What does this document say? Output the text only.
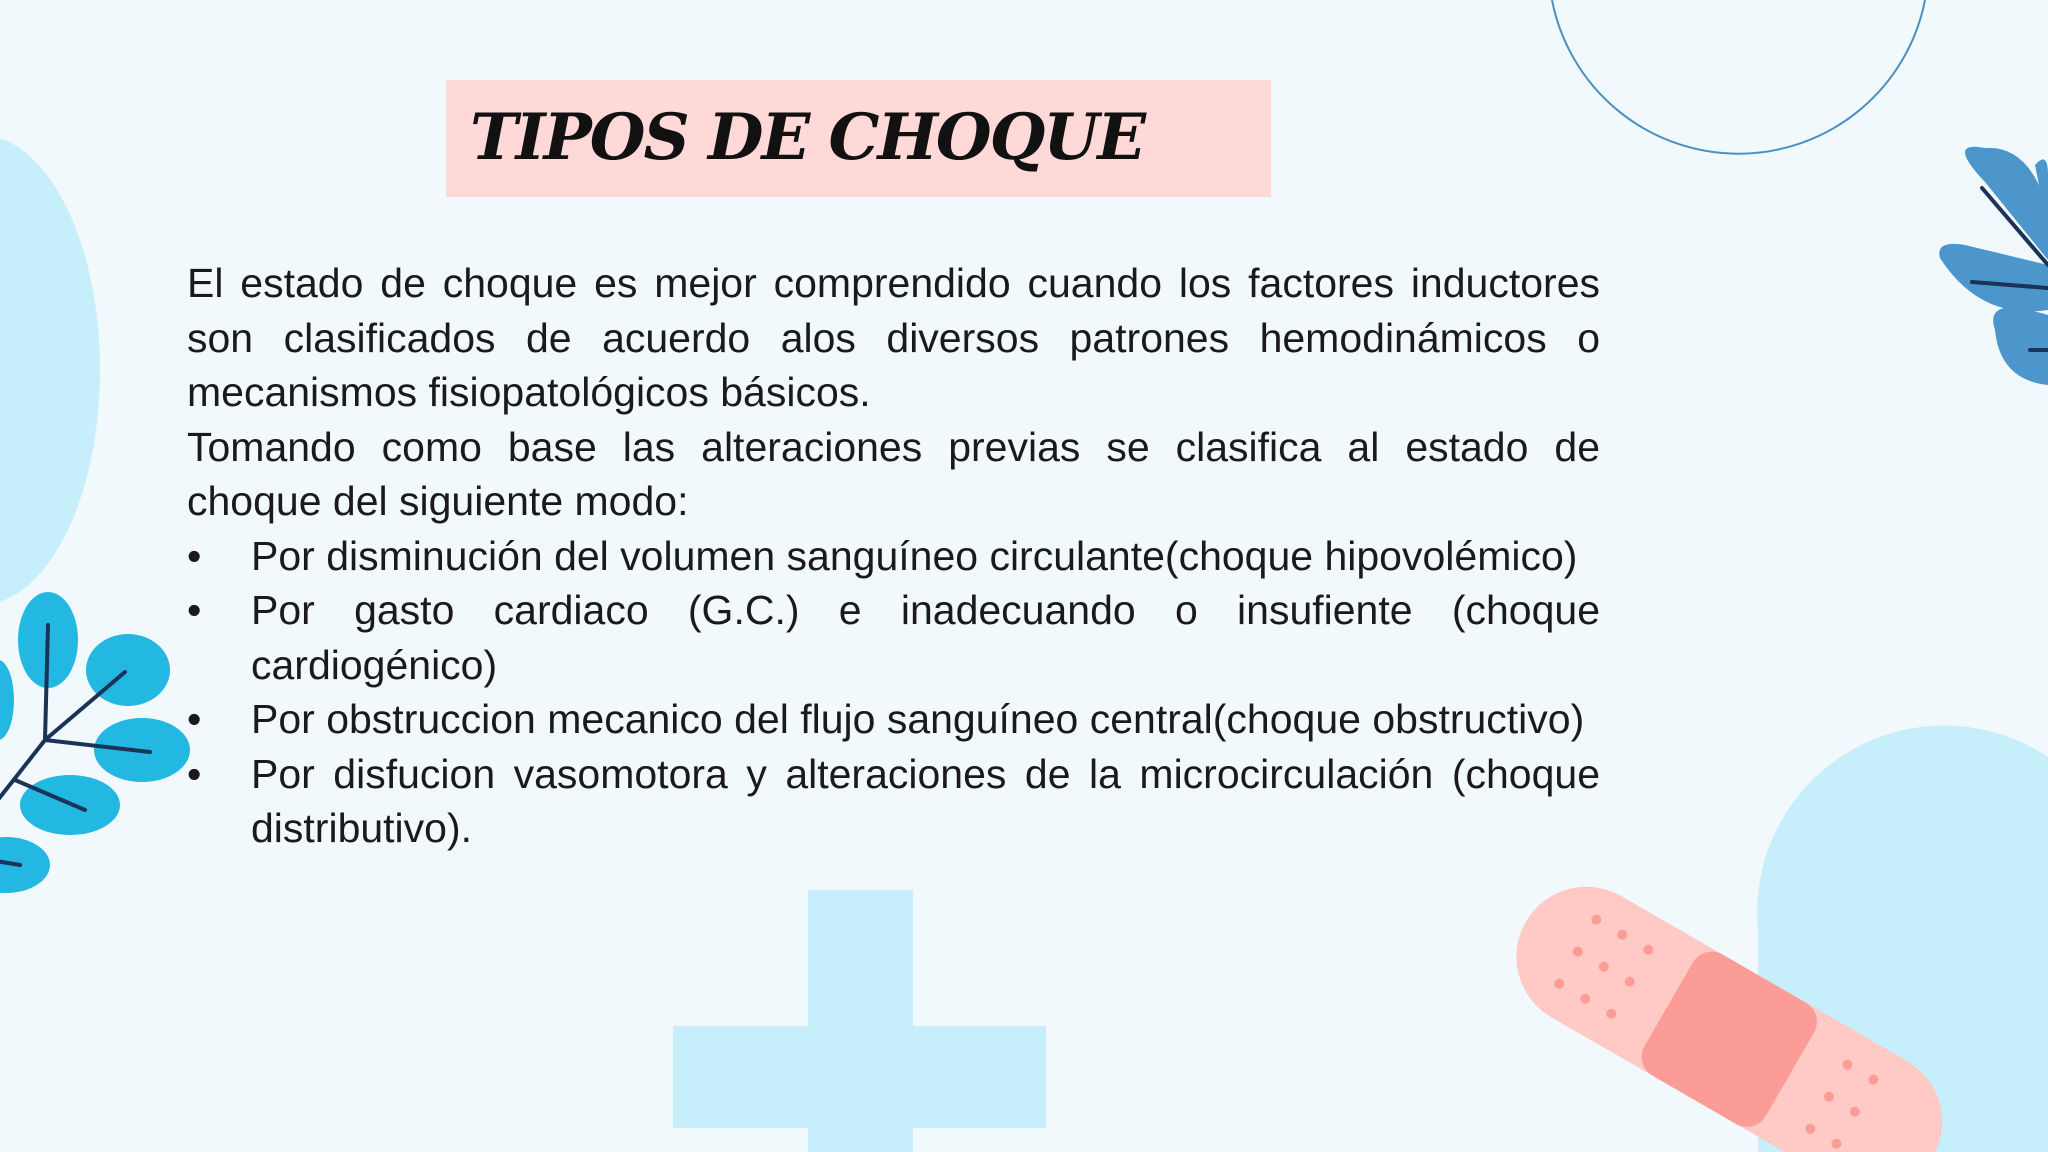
TIPOS DE CHOQUE

El estado de choque es mejor comprendido cuando los factores inductores son clasificados de acuerdo alos diversos patrones hemodinámicos o mecanismos fisiopatológicos básicos.

Tomando como base las alteraciones previas se clasifica al estado de choque del siguiente modo:

•	Por disminución del volumen sanguíneo circulante(choque hipovolémico)
•	Por gasto cardiaco (G.C.) e inadecuando o insufiente (choque cardiogénico)
•	Por obstruccion mecanico del flujo sanguíneo central(choque obstructivo)
•	Por disfucion vasomotora y alteraciones de la microcirculación (choque distributivo).
